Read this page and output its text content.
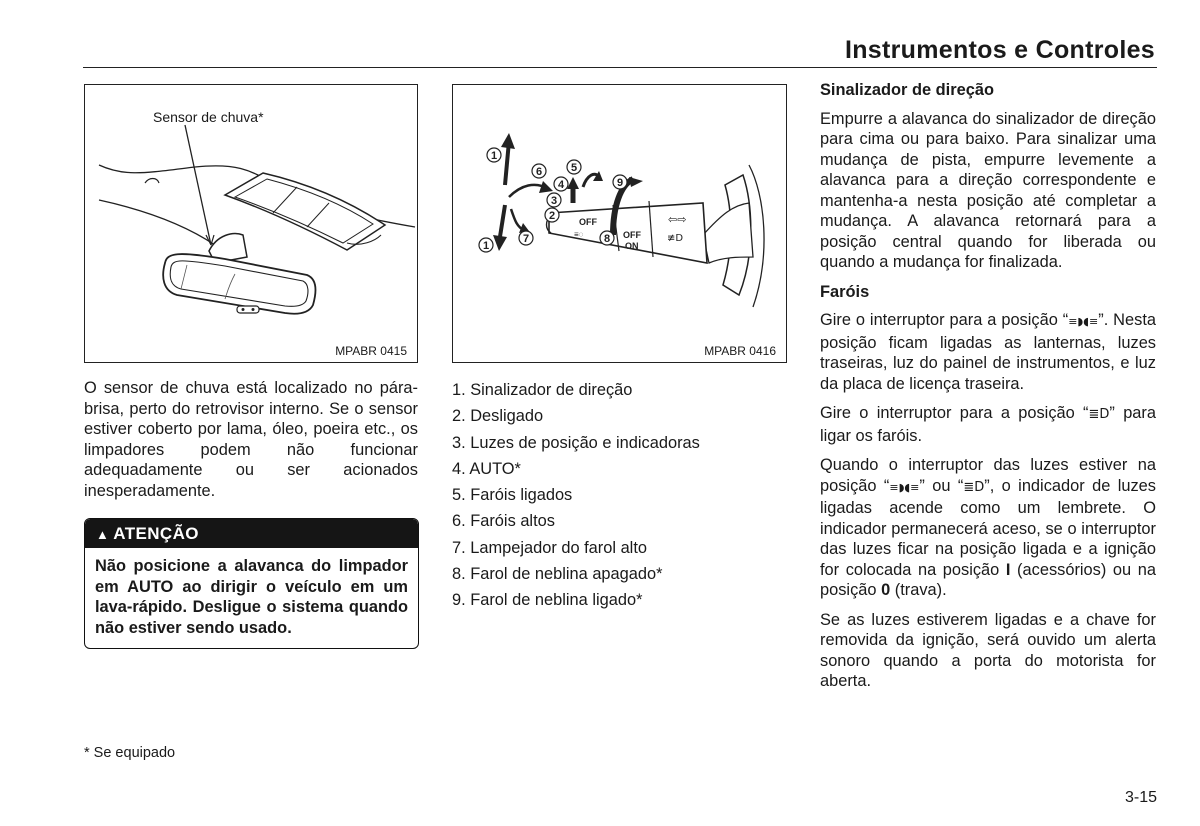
Instrumentos e Controles
Sensor de chuva*
MPABR 0415
OFF
OFF
ON
≡◌
⇦⇨
≢D
1
1
2
3
4
5
6
7	8
9
MPABR 0416

O sensor de chuva está localizado no pára-brisa, perto do retrovisor interno. Se o sensor estiver coberto por lama, óleo, poeira etc., os limpadores podem não funcionar adequadamente ou ser acionados inesperadamente.

▲ ATENÇÃO
Não posicione a alavanca do limpador em AUTO ao dirigir o veículo em um lava-rápido. Desligue o sistema quando não estiver sendo usado.
1. Sinalizador de direção
2. Desligado
3. Luzes de posição e indicadoras
4. AUTO*
5. Faróis ligados
6. Faróis altos
7. Lampejador do farol alto
8. Farol de neblina apagado*
9. Farol de neblina ligado*
Sinalizador de direção

Empurre a alavanca do sinalizador de direção para cima ou para baixo. Para sinalizar uma mudança de pista, empurre levemente a alavanca para a direção correspondente e mantenha-a nesta posição até completar a mudança. A alavanca retornará para a posição central quando for liberada ou quando a mudança for finalizada.

Faróis

Gire o interruptor para a posição “≡◗◖≡”. Nesta posição ficam ligadas as lanternas, luzes traseiras, luz do painel de instrumentos, e luz da placa de licença traseira.

Gire o interruptor para a posição “≣D” para ligar os faróis.

Quando o interruptor das luzes estiver na posição “≡◗◖≡” ou “≣D”, o indicador de luzes ligadas acende como um lembrete. O indicador permanecerá aceso, se o interruptor das luzes ficar na posição ligada e a ignição for colocada na posição I (acessórios) ou na posição 0 (trava).

Se as luzes estiverem ligadas e a chave for removida da ignição, será ouvido um alerta sonoro quando a porta do motorista for aberta.

* Se equipado
3-15
